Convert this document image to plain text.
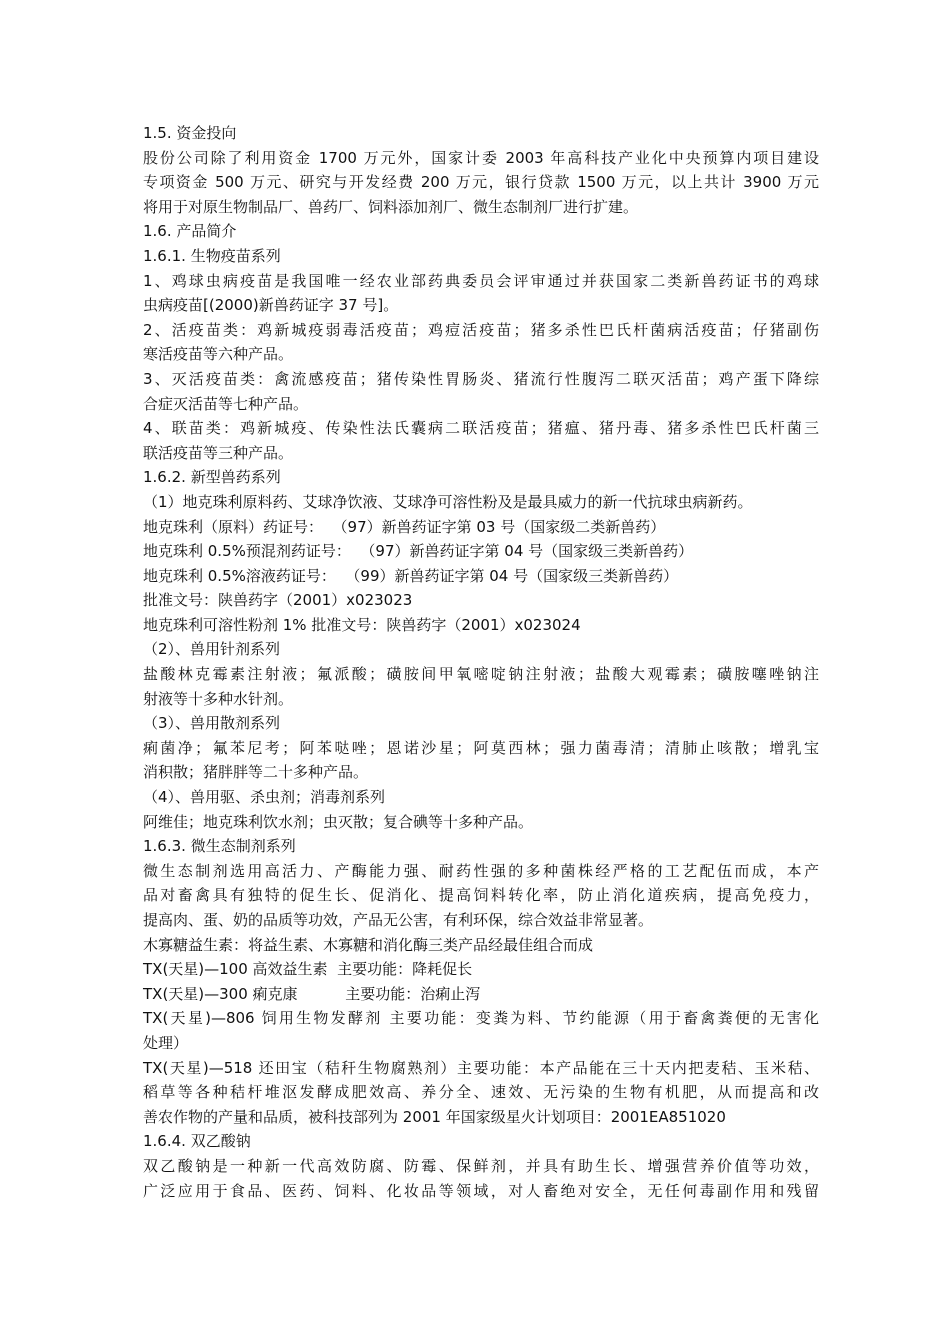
1.5. 资金投向
股份公司除了利用资金 1700 万元外，国家计委 2003 年高科技产业化中央预算内项目建设
专项资金 500 万元、研究与开发经费 200 万元，银行贷款 1500 万元，以上共计 3900 万元
将用于对原生物制品厂、兽药厂、饲料添加剂厂、微生态制剂厂进行扩建。
1.6. 产品简介
1.6.1. 生物疫苗系列
1、鸡球虫病疫苗是我国唯一经农业部药典委员会评审通过并获国家二类新兽药证书的鸡球
虫病疫苗[(2000)新兽药证字 37 号]。
2、活疫苗类：鸡新城疫弱毒活疫苗；鸡痘活疫苗；猪多杀性巴氏杆菌病活疫苗；仔猪副伤
寒活疫苗等六种产品。
3、灭活疫苗类：禽流感疫苗；猪传染性胃肠炎、猪流行性腹泻二联灭活苗；鸡产蛋下降综
合症灭活苗等七种产品。
4、联苗类：鸡新城疫、传染性法氏囊病二联活疫苗；猪瘟、猪丹毒、猪多杀性巴氏杆菌三
联活疫苗等三种产品。
1.6.2. 新型兽药系列
（1）地克珠利原料药、艾球净饮液、艾球净可溶性粉及是最具威力的新一代抗球虫病新药。
地克珠利（原料）药证号：  （97）新兽药证字第 03 号（国家级二类新兽药）
地克珠利 0.5%预混剂药证号：  （97）新兽药证字第 04 号（国家级三类新兽药）
地克珠利 0.5%溶液药证号：  （99）新兽药证字第 04 号（国家级三类新兽药）
批准文号：陕兽药字（2001）x023023
地克珠利可溶性粉剂 1% 批准文号：陕兽药字（2001）x023024
（2）、兽用针剂系列
盐酸林克霉素注射液；氟派酸；磺胺间甲氧嘧啶钠注射液；盐酸大观霉素；磺胺噻唑钠注
射液等十多种水针剂。
（3）、兽用散剂系列
痢菌净；氟苯尼考；阿苯哒唑；恩诺沙星；阿莫西林；强力菌毒清；清肺止咳散；增乳宝
消积散；猪胖胖等二十多种产品。
（4）、兽用驱、杀虫剂；消毒剂系列
阿维佳；地克珠利饮水剂；虫灭散；复合碘等十多种产品。
1.6.3. 微生态制剂系列
微生态制剂选用高活力、产酶能力强、耐药性强的多种菌株经严格的工艺配伍而成，本产
品对畜禽具有独特的促生长、促消化、提高饲料转化率，防止消化道疾病，提高免疫力，
提高肉、蛋、奶的品质等功效，产品无公害，有利环保，综合效益非常显著。
木寡糖益生素：将益生素、木寡糖和消化酶三类产品经最佳组合而成
TX(天星)—100 高效益生素  主要功能：降耗促长
TX(天星)—300 痢克康          主要功能：治痢止泻
TX(天星)—806 饲用生物发酵剂 主要功能：变粪为料、节约能源（用于畜禽粪便的无害化
处理）
TX(天星)—518 还田宝（秸秆生物腐熟剂）主要功能：本产品能在三十天内把麦秸、玉米秸、
稻草等各种秸杆堆沤发酵成肥效高、养分全、速效、无污染的生物有机肥，从而提高和改
善农作物的产量和品质，被科技部列为 2001 年国家级星火计划项目：2001EA851020
1.6.4. 双乙酸钠
双乙酸钠是一种新一代高效防腐、防霉、保鲜剂，并具有助生长、增强营养价值等功效，
广泛应用于食品、医药、饲料、化妆品等领域，对人畜绝对安全，无任何毒副作用和残留
